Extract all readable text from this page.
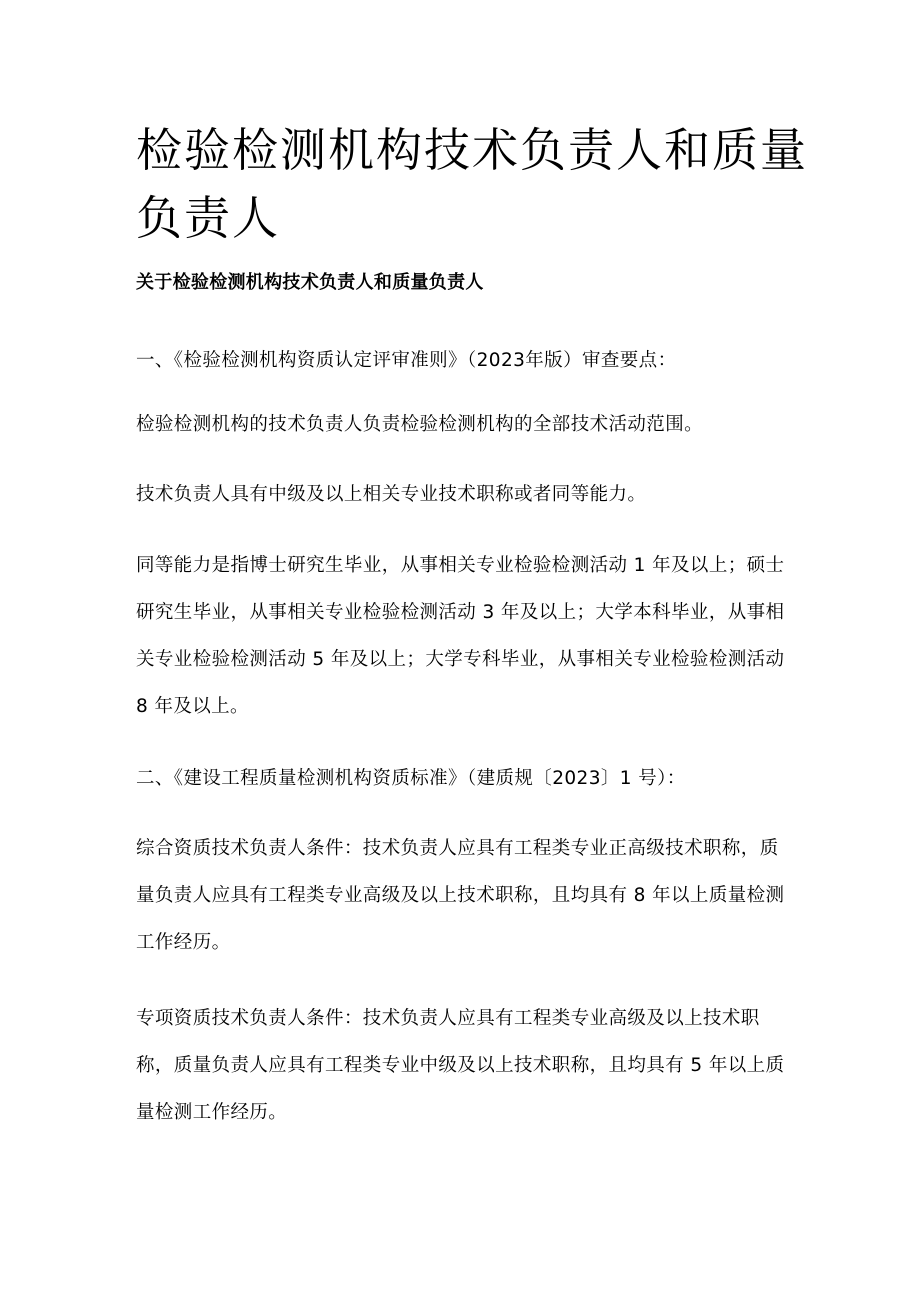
检验检测机构技术负责人和质量负责人

关于检验检测机构技术负责人和质量负责人

一、《检验检测机构资质认定评审准则》（2023年版）审查要点：

检验检测机构的技术负责人负责检验检测机构的全部技术活动范围。

技术负责人具有中级及以上相关专业技术职称或者同等能力。

同等能力是指博士研究生毕业，从事相关专业检验检测活动 1 年及以上；硕士研究生毕业，从事相关专业检验检测活动 3 年及以上；大学本科毕业，从事相关专业检验检测活动 5 年及以上；大学专科毕业，从事相关专业检验检测活动 8 年及以上。

二、《建设工程质量检测机构资质标准》（建质规〔2023〕1 号）：

综合资质技术负责人条件：技术负责人应具有工程类专业正高级技术职称，质量负责人应具有工程类专业高级及以上技术职称，且均具有 8 年以上质量检测工作经历。

专项资质技术负责人条件：技术负责人应具有工程类专业高级及以上技术职称，质量负责人应具有工程类专业中级及以上技术职称，且均具有 5 年以上质量检测工作经历。
